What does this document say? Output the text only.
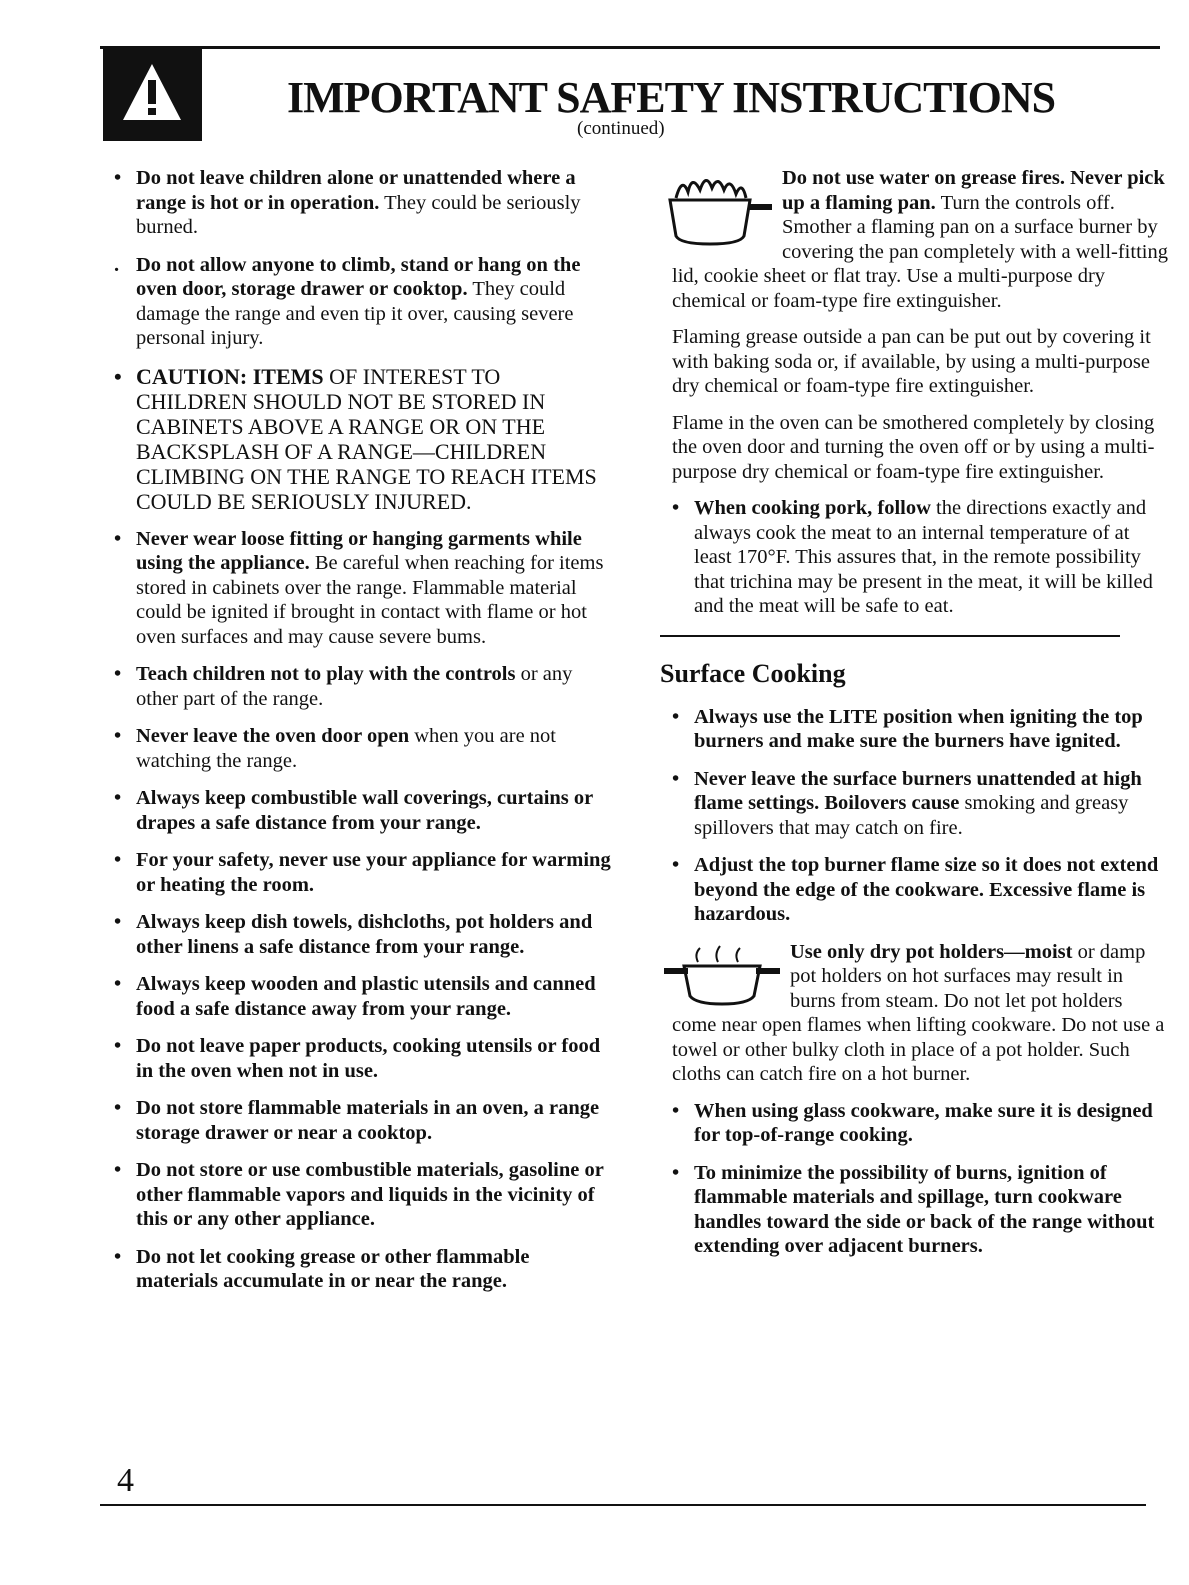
IMPORTANT SAFETY INSTRUCTIONS
(continued)
• Do not leave children alone or unattended where a range is hot or in operation. They could be seriously burned.
. Do not allow anyone to climb, stand or hang on the oven door, storage drawer or cooktop. They could damage the range and even tip it over, causing severe personal injury.
• CAUTION: ITEMS OF INTEREST TO CHILDREN SHOULD NOT BE STORED IN CABINETS ABOVE A RANGE OR ON THE BACKSPLASH OF A RANGE—CHILDREN CLIMBING ON THE RANGE TO REACH ITEMS COULD BE SERIOUSLY INJURED.
• Never wear loose fitting or hanging garments while using the appliance. Be careful when reaching for items stored in cabinets over the range. Flammable material could be ignited if brought in contact with flame or hot oven surfaces and may cause severe bums.
• Teach children not to play with the controls or any other part of the range.
• Never leave the oven door open when you are not watching the range.
• Always keep combustible wall coverings, curtains or drapes a safe distance from your range.
• For your safety, never use your appliance for warming or heating the room.
• Always keep dish towels, dishcloths, pot holders and other linens a safe distance from your range.
• Always keep wooden and plastic utensils and canned food a safe distance away from your range.
• Do not leave paper products, cooking utensils or food in the oven when not in use.
• Do not store flammable materials in an oven, a range storage drawer or near a cooktop.
• Do not store or use combustible materials, gasoline or other flammable vapors and liquids in the vicinity of this or any other appliance.
• Do not let cooking grease or other flammable materials accumulate in or near the range.
Do not use water on grease fires. Never pick up a flaming pan. Turn the controls off. Smother a flaming pan on a surface burner by covering the pan completely with a well-fitting lid, cookie sheet or flat tray. Use a multi-purpose dry chemical or foam-type fire extinguisher.
Flaming grease outside a pan can be put out by covering it with baking soda or, if available, by using a multi-purpose dry chemical or foam-type fire extinguisher.
Flame in the oven can be smothered completely by closing the oven door and turning the oven off or by using a multi-purpose dry chemical or foam-type fire extinguisher.
• When cooking pork, follow the directions exactly and always cook the meat to an internal temperature of at least 170°F. This assures that, in the remote possibility that trichina may be present in the meat, it will be killed and the meat will be safe to eat.
Surface Cooking
• Always use the LITE position when igniting the top burners and make sure the burners have ignited.
• Never leave the surface burners unattended at high flame settings. Boilovers cause smoking and greasy spillovers that may catch on fire.
• Adjust the top burner flame size so it does not extend beyond the edge of the cookware. Excessive flame is hazardous.
Use only dry pot holders—moist or damp pot holders on hot surfaces may result in burns from steam. Do not let pot holders come near open flames when lifting cookware. Do not use a towel or other bulky cloth in place of a pot holder. Such cloths can catch fire on a hot burner.
• When using glass cookware, make sure it is designed for top-of-range cooking.
• To minimize the possibility of burns, ignition of flammable materials and spillage, turn cookware handles toward the side or back of the range without extending over adjacent burners.
4
